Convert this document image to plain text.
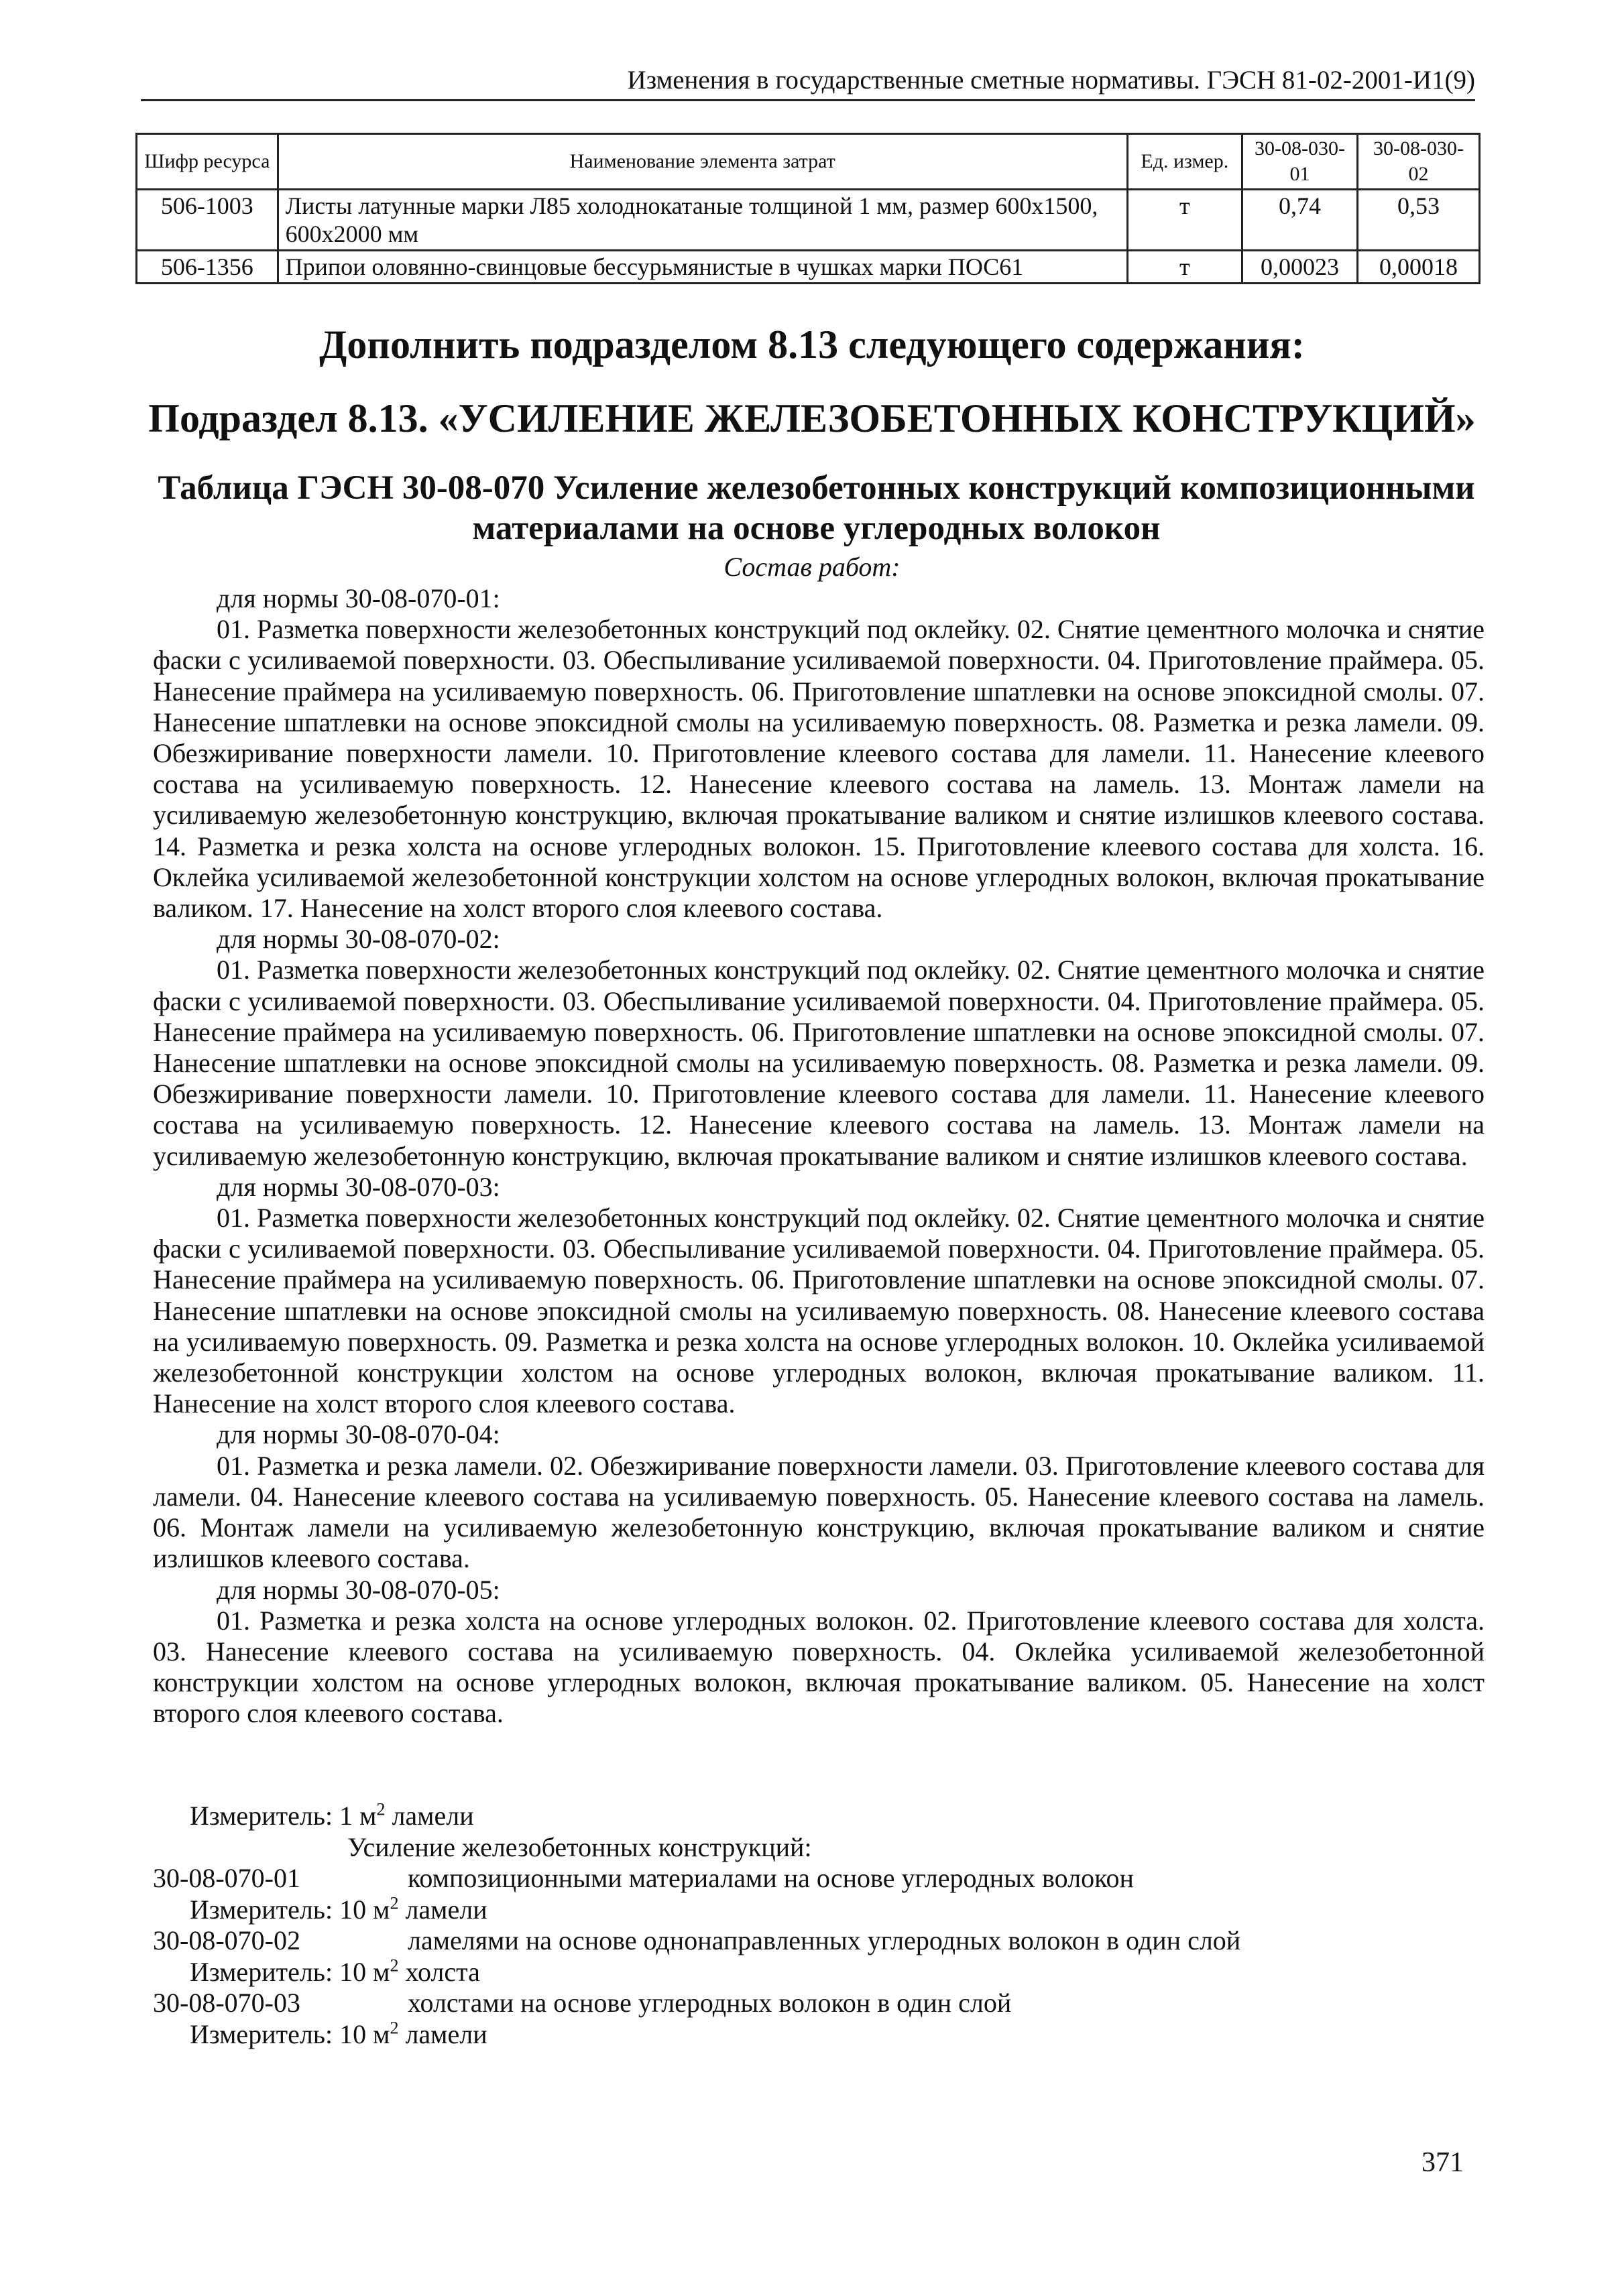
Изменения в государственные сметные нормативы. ГЭСН 81-02-2001-И1(9)
Шифр ресурса	Наименование элемента затрат	Ед. измер.	30-08-030-01	30-08-030-02
506-1003	Листы латунные марки Л85 холоднокатаные толщиной 1 мм, размер 600х1500, 600х2000 мм	т	0,74	0,53
506-1356	Припои оловянно-свинцовые бессурьмянистые в чушках марки ПОС61	т	0,00023	0,00018
Дополнить подразделом 8.13 следующего содержания:
Подраздел 8.13. «УСИЛЕНИЕ ЖЕЛЕЗОБЕТОННЫХ КОНСТРУКЦИЙ»
Таблица ГЭСН 30-08-070 Усиление железобетонных конструкций композиционными
материалами на основе углеродных волокон
Состав работ:
для нормы 30-08-070-01:
01. Разметка поверхности железобетонных конструкций под оклейку. 02. Снятие цементного молочка и снятие фаски с усиливаемой поверхности. 03. Обеспыливание усиливаемой поверхности. 04. Приготовление праймера. 05. Нанесение праймера на усиливаемую поверхность. 06. Приготовление шпатлевки на основе эпоксидной смолы. 07. Нанесение шпатлевки на основе эпоксидной смолы на усиливаемую поверхность. 08. Разметка и резка ламели. 09. Обезжиривание поверхности ламели. 10. Приготовление клеевого состава для ламели. 11. Нанесение клеевого состава на усиливаемую поверхность. 12. Нанесение клеевого состава на ламель. 13. Монтаж ламели на усиливаемую железобетонную конструкцию, включая прокатывание валиком и снятие излишков клеевого состава. 14. Разметка и резка холста на основе углеродных волокон. 15. Приготовление клеевого состава для холста. 16. Оклейка усиливаемой железобетонной конструкции холстом на основе углеродных волокон, включая прокатывание валиком. 17. Нанесение на холст второго слоя клеевого состава.
для нормы 30-08-070-02:
01. Разметка поверхности железобетонных конструкций под оклейку. 02. Снятие цементного молочка и снятие фаски с усиливаемой поверхности. 03. Обеспыливание усиливаемой поверхности. 04. Приготовление праймера. 05. Нанесение праймера на усиливаемую поверхность. 06. Приготовление шпатлевки на основе эпоксидной смолы. 07. Нанесение шпатлевки на основе эпоксидной смолы на усиливаемую поверхность. 08. Разметка и резка ламели. 09. Обезжиривание поверхности ламели. 10. Приготовление клеевого состава для ламели. 11. Нанесение клеевого состава на усиливаемую поверхность. 12. Нанесение клеевого состава на ламель. 13. Монтаж ламели на усиливаемую железобетонную конструкцию, включая прокатывание валиком и снятие излишков клеевого состава.
для нормы 30-08-070-03:
01. Разметка поверхности железобетонных конструкций под оклейку. 02. Снятие цементного молочка и снятие фаски с усиливаемой поверхности. 03. Обеспыливание усиливаемой поверхности. 04. Приготовление праймера. 05. Нанесение праймера на усиливаемую поверхность. 06. Приготовление шпатлевки на основе эпоксидной смолы. 07. Нанесение шпатлевки на основе эпоксидной смолы на усиливаемую поверхность. 08. Нанесение клеевого состава на усиливаемую поверхность. 09. Разметка и резка холста на основе углеродных волокон. 10. Оклейка усиливаемой железобетонной конструкции холстом на основе углеродных волокон, включая прокатывание валиком. 11. Нанесение на холст второго слоя клеевого состава.
для нормы 30-08-070-04:
01. Разметка и резка ламели. 02. Обезжиривание поверхности ламели. 03. Приготовление клеевого состава для ламели. 04. Нанесение клеевого состава на усиливаемую поверхность. 05. Нанесение клеевого состава на ламель. 06. Монтаж ламели на усиливаемую железобетонную конструкцию, включая прокатывание валиком и снятие излишков клеевого состава.
для нормы 30-08-070-05:
01. Разметка и резка холста на основе углеродных волокон. 02. Приготовление клеевого состава для холста. 03. Нанесение клеевого состава на усиливаемую поверхность. 04. Оклейка усиливаемой железобетонной конструкции холстом на основе углеродных волокон, включая прокатывание валиком. 05. Нанесение на холст второго слоя клеевого состава.
Измеритель: 1 $м^2$ ламели
Усиление железобетонных конструкций:
30-08-070-01	композиционными материалами на основе углеродных волокон
Измеритель: 10 $м^2$ ламели
30-08-070-02	ламелями на основе однонаправленных углеродных волокон в один слой
Измеритель: 10 $м^2$ холста
30-08-070-03	холстами на основе углеродных волокон в один слой
Измеритель: 10 $м^2$ ламели
371
